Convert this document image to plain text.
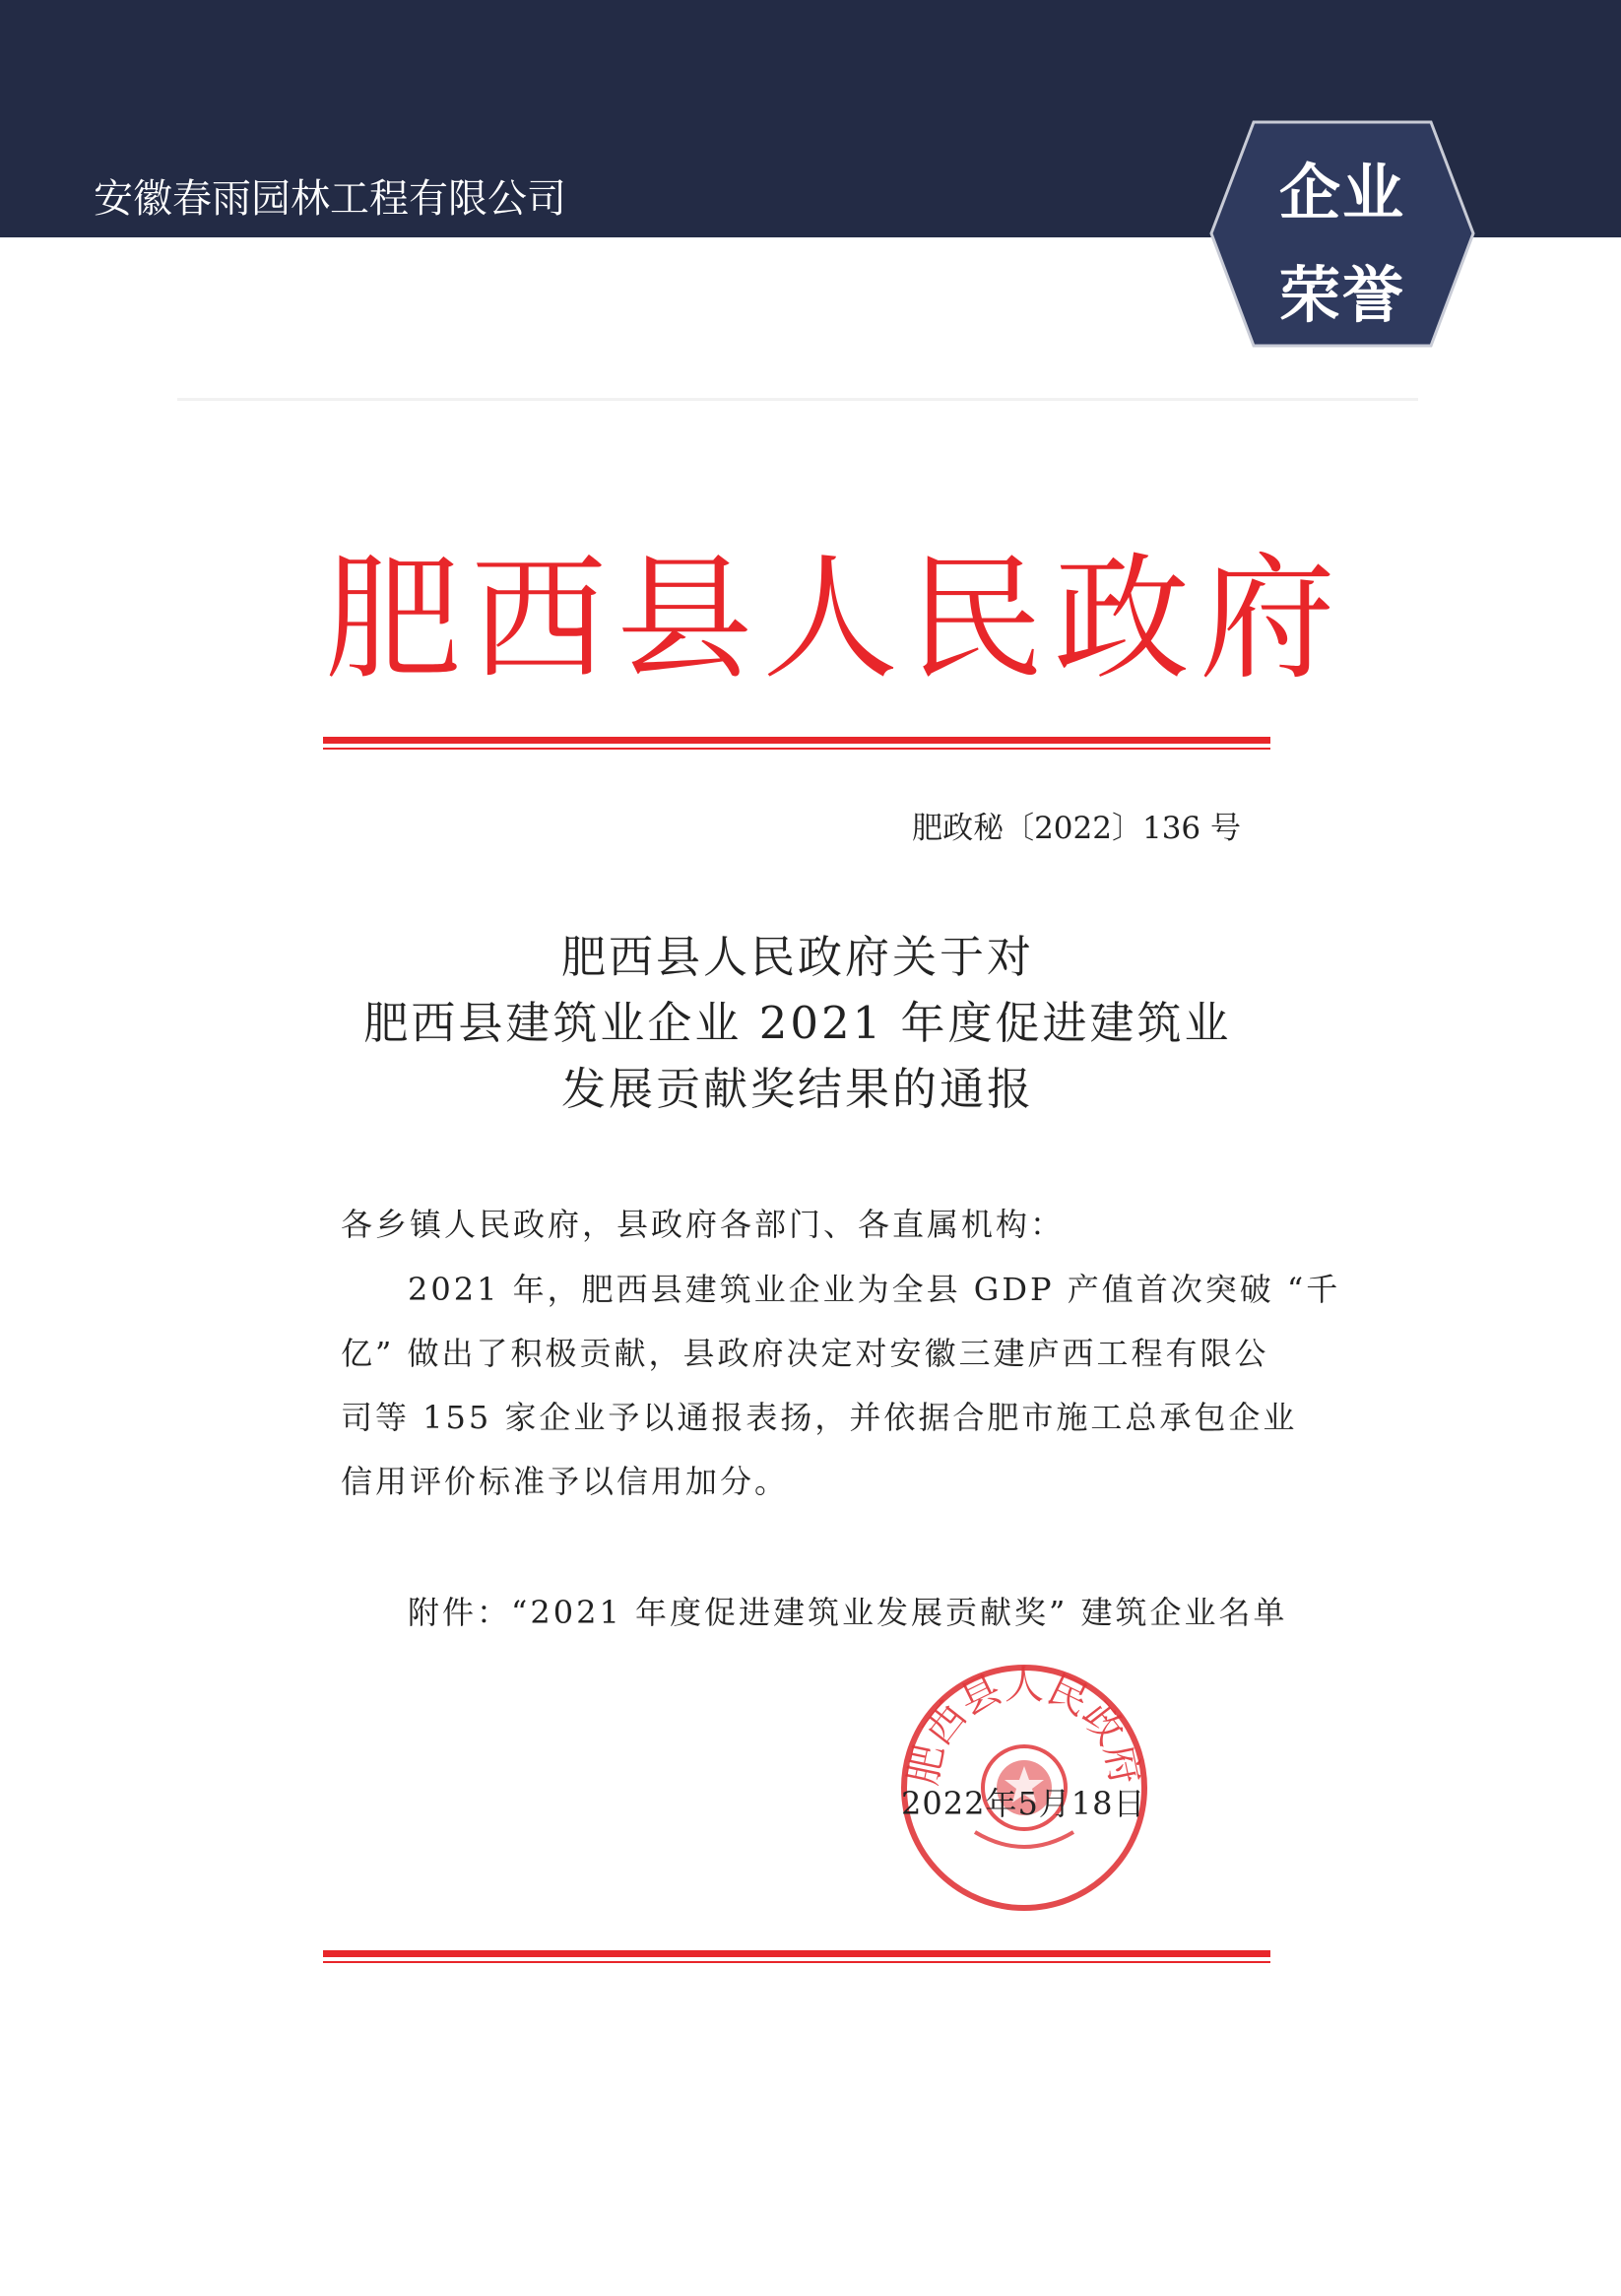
安徽春雨园林工程有限公司	企业
荣誉
肥西县人民政府
肥政秘〔2022〕136 号
肥西县人民政府关于对
肥西县建筑业企业 2021 年度促进建筑业
发展贡献奖结果的通报
各乡镇人民政府，县政府各部门、各直属机构：
2021 年，肥西县建筑业企业为全县 GDP 产值首次突破 “千
亿” 做出了积极贡献，县政府决定对安徽三建庐西工程有限公
司等 155 家企业予以通报表扬，并依据合肥市施工总承包企业
信用评价标准予以信用加分。
附件：“2021 年度促进建筑业发展贡献奖” 建筑企业名单
肥西县人民政府
2022年5月18日
